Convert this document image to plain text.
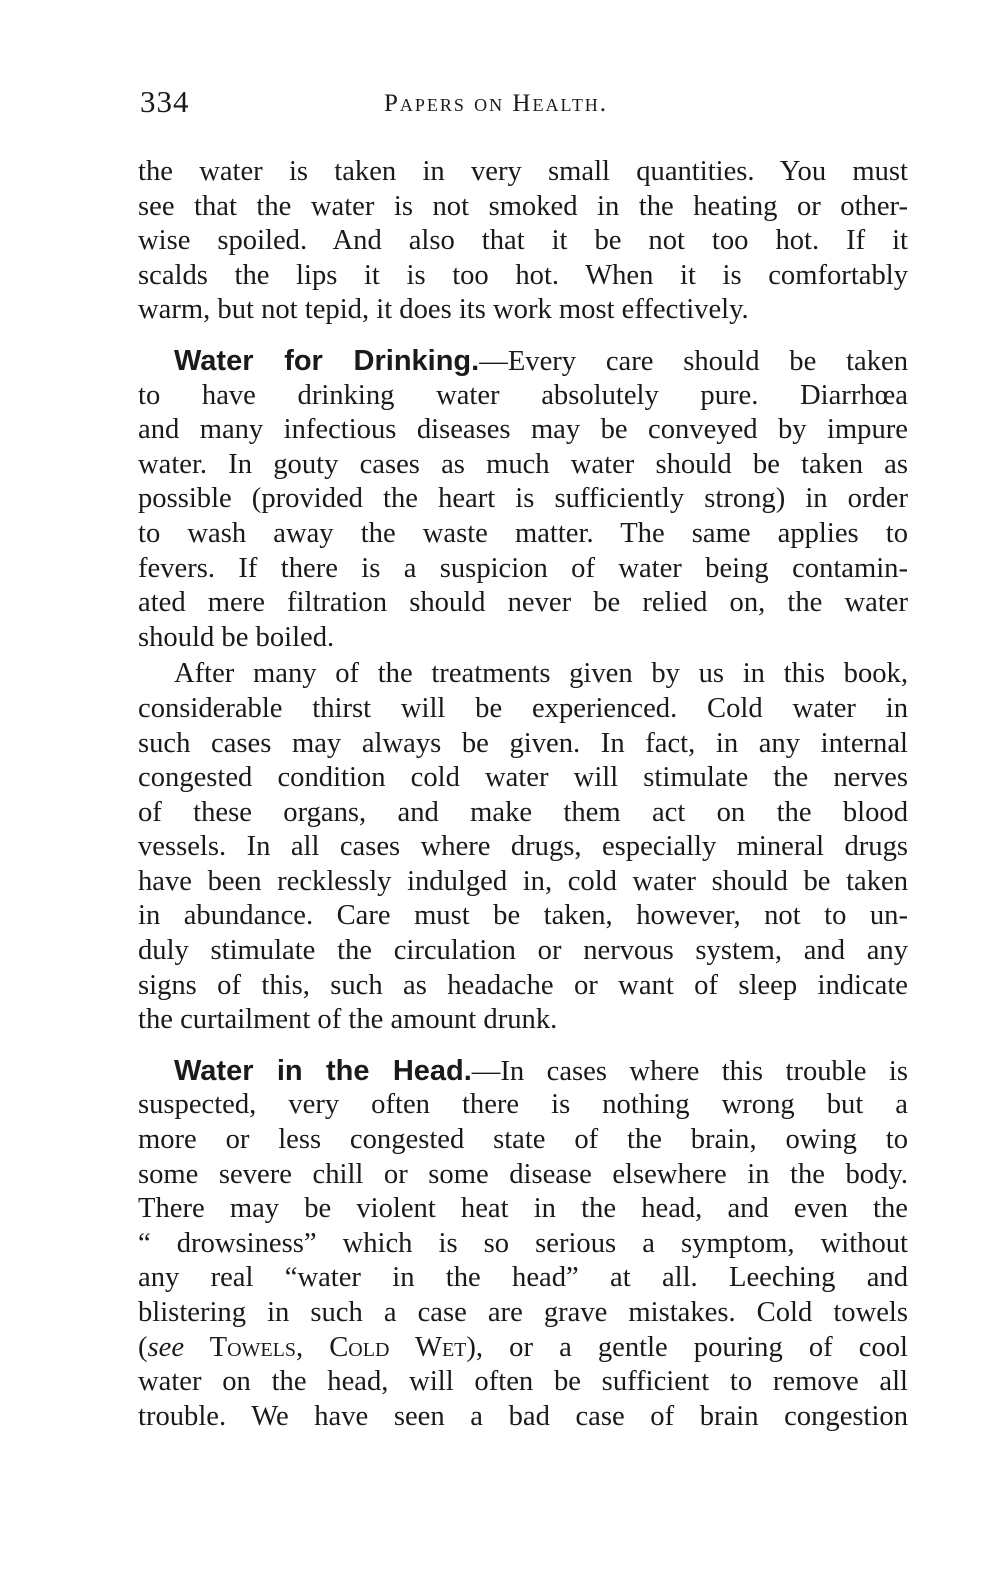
334	Papers on Health.
the water is taken in very small quantities. You must
see that the water is not smoked in the heating or other-
wise spoiled. And also that it be not too hot. If it
scalds the lips it is too hot. When it is comfortably
warm, but not tepid, it does its work most effectively.
Water for Drinking.—Every care should be taken
to have drinking water absolutely pure. Diarrhœa
and many infectious diseases may be conveyed by impure
water. In gouty cases as much water should be taken as
possible (provided the heart is sufficiently strong) in order
to wash away the waste matter. The same applies to
fevers. If there is a suspicion of water being contamin-
ated mere filtration should never be relied on, the water
should be boiled.
After many of the treatments given by us in this book,
considerable thirst will be experienced. Cold water in
such cases may always be given. In fact, in any internal
congested condition cold water will stimulate the nerves
of these organs, and make them act on the blood
vessels. In all cases where drugs, especially mineral drugs
have been recklessly indulged in, cold water should be taken
in abundance. Care must be taken, however, not to un-
duly stimulate the circulation or nervous system, and any
signs of this, such as headache or want of sleep indicate
the curtailment of the amount drunk.
Water in the Head.—In cases where this trouble is
suspected, very often there is nothing wrong but a
more or less congested state of the brain, owing to
some severe chill or some disease elsewhere in the body.
There may be violent heat in the head, and even the
“ drowsiness” which is so serious a symptom, without
any real “water in the head” at all. Leeching and
blistering in such a case are grave mistakes. Cold towels
(see Towels, Cold Wet), or a gentle pouring of cool
water on the head, will often be sufficient to remove all
trouble. We have seen a bad case of brain congestion
